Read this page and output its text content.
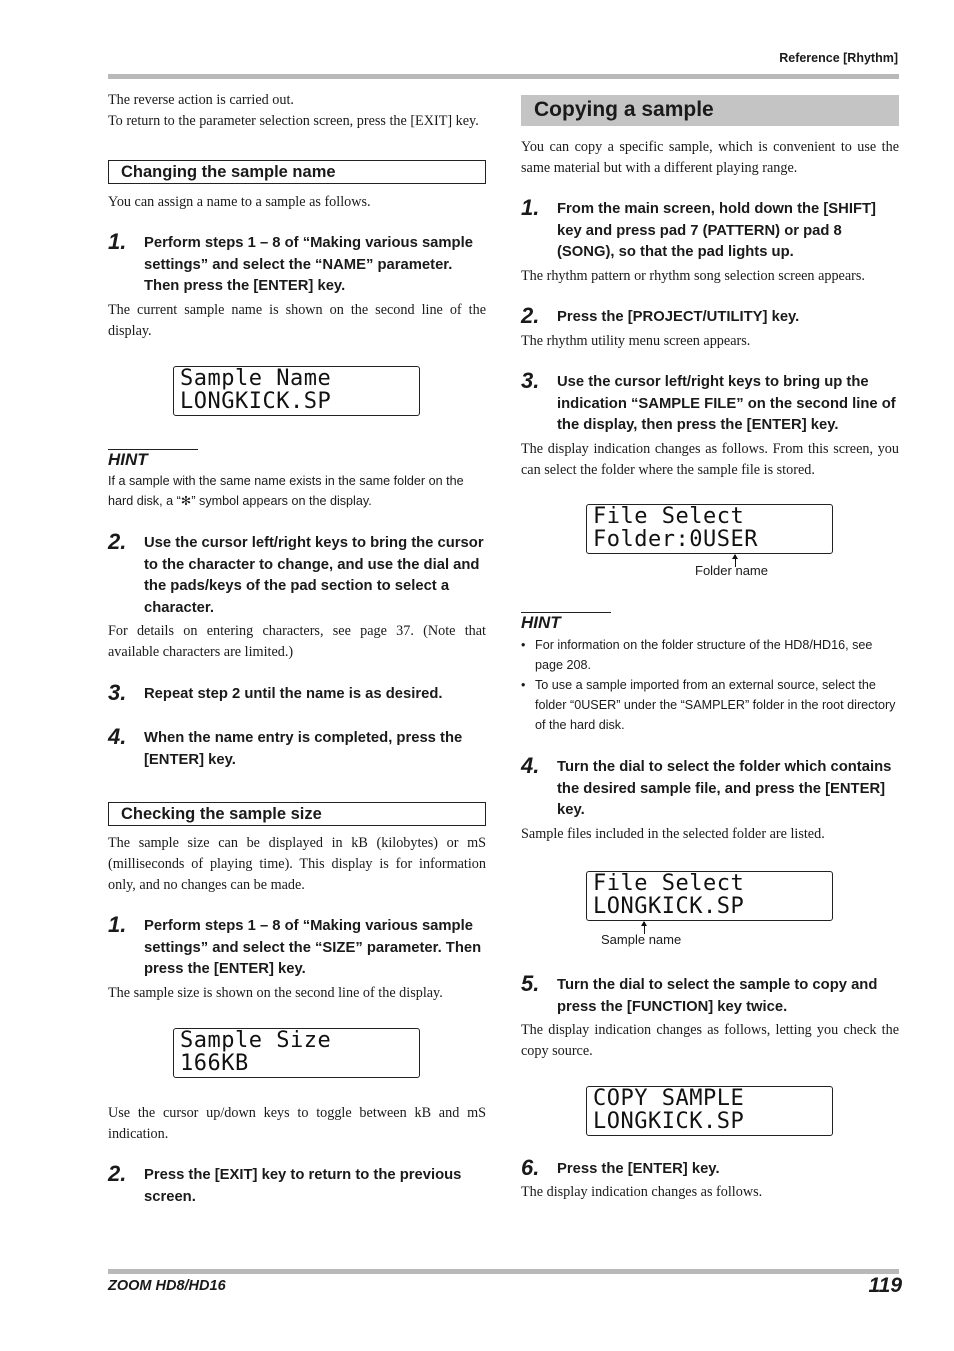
Reference [Rhythm]
The reverse action is carried out.
To return to the parameter selection screen, press the [EXIT] key.
Changing the sample name
You can assign a name to a sample as follows.
1. Perform steps 1 – 8 of “Making various sample settings” and select the “NAME” parameter. Then press the [ENTER] key.
The current sample name is shown on the second line of the display.
Sample Name
LONGKICK.SP
HINT
If a sample with the same name exists in the same folder on the hard disk, a “✻” symbol appears on the display.
2. Use the cursor left/right keys to bring the cursor to the character to change, and use the dial and the pads/keys of the pad section to select a character.
For details on entering characters, see page 37. (Note that available characters are limited.)
3. Repeat step 2 until the name is as desired.
4. When the name entry is completed, press the [ENTER] key.
Checking the sample size
The sample size can be displayed in kB (kilobytes) or mS (milliseconds of playing time). This display is for information only, and no changes can be made.
1. Perform steps 1 – 8 of “Making various sample settings” and select the “SIZE” parameter. Then press the [ENTER] key.
The sample size is shown on the second line of the display.
Sample Size
166KB
Use the cursor up/down keys to toggle between kB and mS indication.
2. Press the [EXIT] key to return to the previous screen.
Copying a sample
You can copy a specific sample, which is convenient to use the same material but with a different playing range.
1. From the main screen, hold down the [SHIFT] key and press pad 7 (PATTERN) or pad 8 (SONG), so that the pad lights up.
The rhythm pattern or rhythm song selection screen appears.
2. Press the [PROJECT/UTILITY] key.
The rhythm utility menu screen appears.
3. Use the cursor left/right keys to bring up the indication “SAMPLE FILE” on the second line of the display, then press the [ENTER] key.
The display indication changes as follows. From this screen, you can select the folder where the sample file is stored.
File Select
Folder:0USER
Folder name
HINT
• For information on the folder structure of the HD8/HD16, see page 208.
• To use a sample imported from an external source, select the folder “0USER” under the “SAMPLER” folder in the root directory of the hard disk.
4. Turn the dial to select the folder which contains the desired sample file, and press the [ENTER] key.
Sample files included in the selected folder are listed.
File Select
LONGKICK.SP
Sample name
5. Turn the dial to select the sample to copy and press the [FUNCTION] key twice.
The display indication changes as follows, letting you check the copy source.
COPY SAMPLE
LONGKICK.SP
6. Press the [ENTER] key.
The display indication changes as follows.
ZOOM HD8/HD16	119
